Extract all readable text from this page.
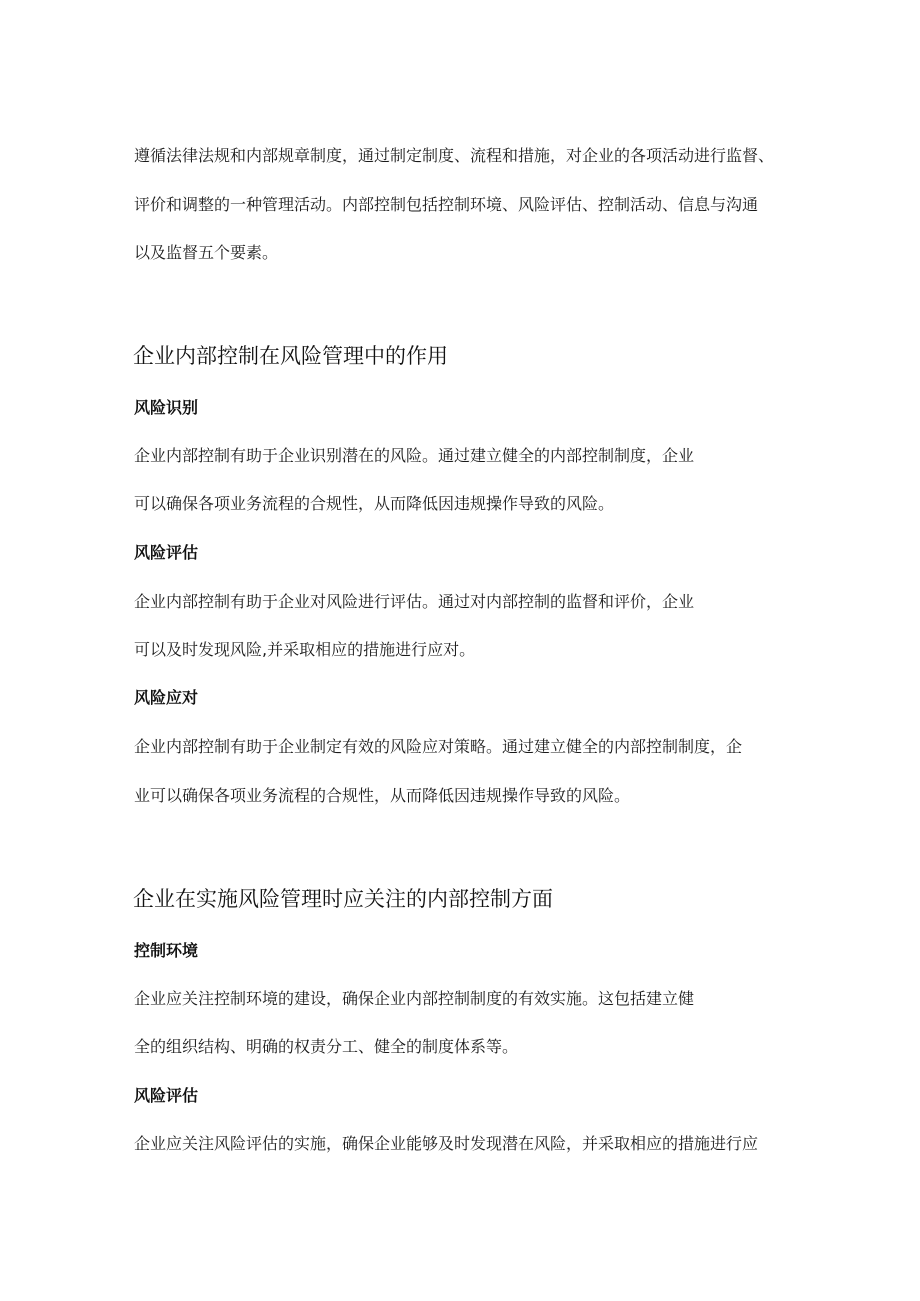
遵循法律法规和内部规章制度，通过制定制度、流程和措施，对企业的各项活动进行监督、
评价和调整的一种管理活动。内部控制包括控制环境、风险评估、控制活动、信息与沟通
以及监督五个要素。
企业内部控制在风险管理中的作用
风险识别
企业内部控制有助于企业识别潜在的风险。通过建立健全的内部控制制度，企业
可以确保各项业务流程的合规性，从而降低因违规操作导致的风险。
风险评估
企业内部控制有助于企业对风险进行评估。通过对内部控制的监督和评价，企业
可以及时发现风险,并采取相应的措施进行应对。
风险应对
企业内部控制有助于企业制定有效的风险应对策略。通过建立健全的内部控制制度，企
业可以确保各项业务流程的合规性，从而降低因违规操作导致的风险。
企业在实施风险管理时应关注的内部控制方面
控制环境
企业应关注控制环境的建设，确保企业内部控制制度的有效实施。这包括建立健
全的组织结构、明确的权责分工、健全的制度体系等。
风险评估
企业应关注风险评估的实施，确保企业能够及时发现潜在风险，并采取相应的措施进行应
